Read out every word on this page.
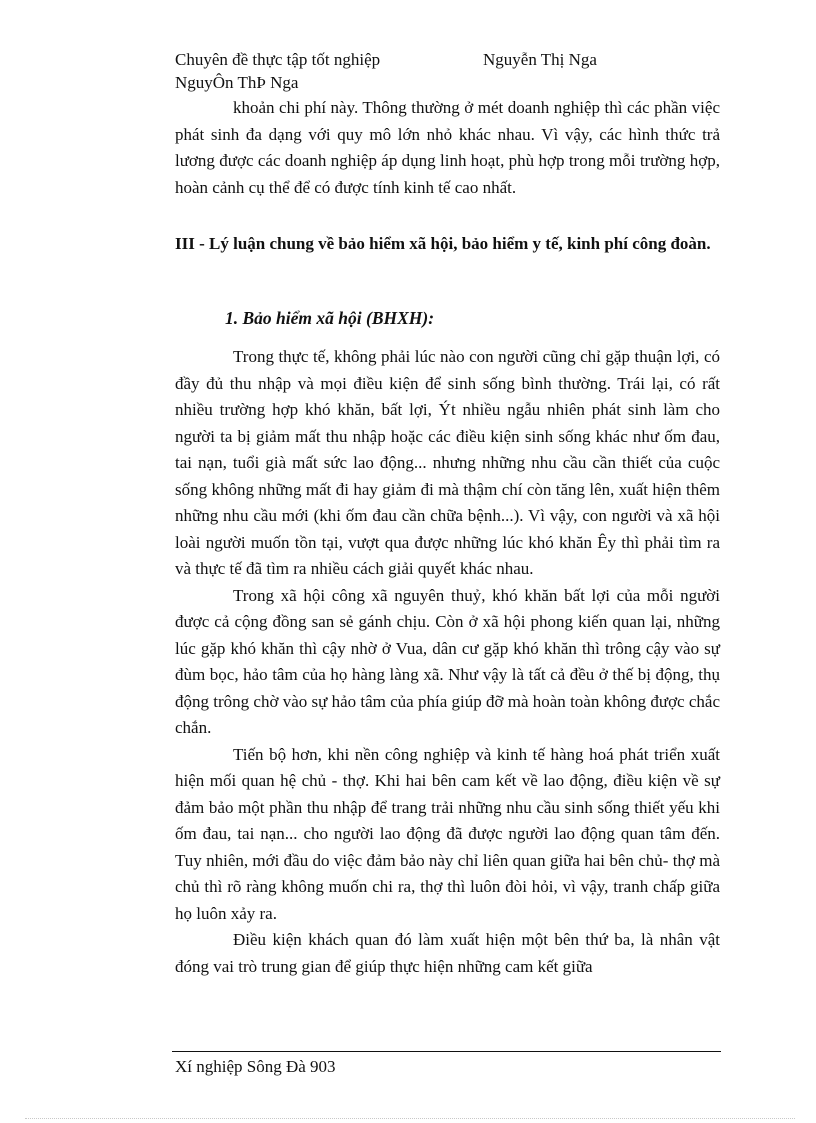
Chuyên đề thực tập tốt nghiệp	Nguyễn Thị Nga
NguyÔn ThÞ Nga

khoản chi phí này. Thông thường ở mét doanh nghiệp thì các phần việc phát sinh đa dạng với quy mô lớn nhỏ khác nhau. Vì vậy, các hình thức trả lương được các doanh nghiệp áp dụng linh hoạt, phù hợp trong mỗi trường hợp, hoàn cảnh cụ thể để có được tính kinh tế cao nhất.

III - Lý luận chung về bảo hiểm xã hội, bảo hiểm y tế, kinh phí công đoàn.
1. Bảo hiểm xã hội (BHXH):

Trong thực tế, không phải lúc nào con người cũng chỉ gặp thuận lợi, có đầy đủ thu nhập và mọi điều kiện để sinh sống bình thường. Trái lại, có rất nhiều trường hợp khó khăn, bất lợi, Ýt nhiều ngẫu nhiên phát sinh làm cho người ta bị giảm mất thu nhập hoặc các điều kiện sinh sống khác như ốm đau, tai nạn, tuổi già mất sức lao động... nhưng những nhu cầu cần thiết của cuộc sống không những mất đi hay giảm đi mà thậm chí còn tăng lên, xuất hiện thêm những nhu cầu mới (khi ốm đau cần chữa bệnh...). Vì vậy, con người và xã hội loài người muốn tồn tại, vượt qua được những lúc khó khăn Êy thì phải tìm ra và thực tế đã tìm ra nhiều cách giải quyết khác nhau.

Trong xã hội công xã nguyên thuỷ, khó khăn bất lợi của mỗi người được cả cộng đồng san sẻ gánh chịu. Còn ở xã hội phong kiến quan lại, những lúc gặp khó khăn thì cậy nhờ ở Vua, dân cư gặp khó khăn thì trông cậy vào sự đùm bọc, hảo tâm của họ hàng làng xã. Như vậy là tất cả đều ở thế bị động, thụ động trông chờ vào sự hảo tâm của phía giúp đỡ mà hoàn toàn không được chắc chắn.

Tiến bộ hơn, khi nền công nghiệp và kinh tế hàng hoá phát triển xuất hiện mối quan hệ chủ - thợ. Khi hai bên cam kết về lao động, điều kiện về sự đảm bảo một phần thu nhập để trang trải những nhu cầu sinh sống thiết yếu khi ốm đau, tai nạn... cho người lao động đã được người lao động quan tâm đến. Tuy nhiên, mới đầu do việc đảm bảo này chỉ liên quan giữa hai bên chủ- thợ mà chủ thì rõ ràng không muốn chi ra, thợ thì luôn đòi hỏi, vì vậy, tranh chấp giữa họ luôn xảy ra.

Điều kiện khách quan đó làm xuất hiện một bên thứ ba, là nhân vật đóng vai trò trung gian để giúp thực hiện những cam kết giữa

Xí nghiệp Sông Đà 903
